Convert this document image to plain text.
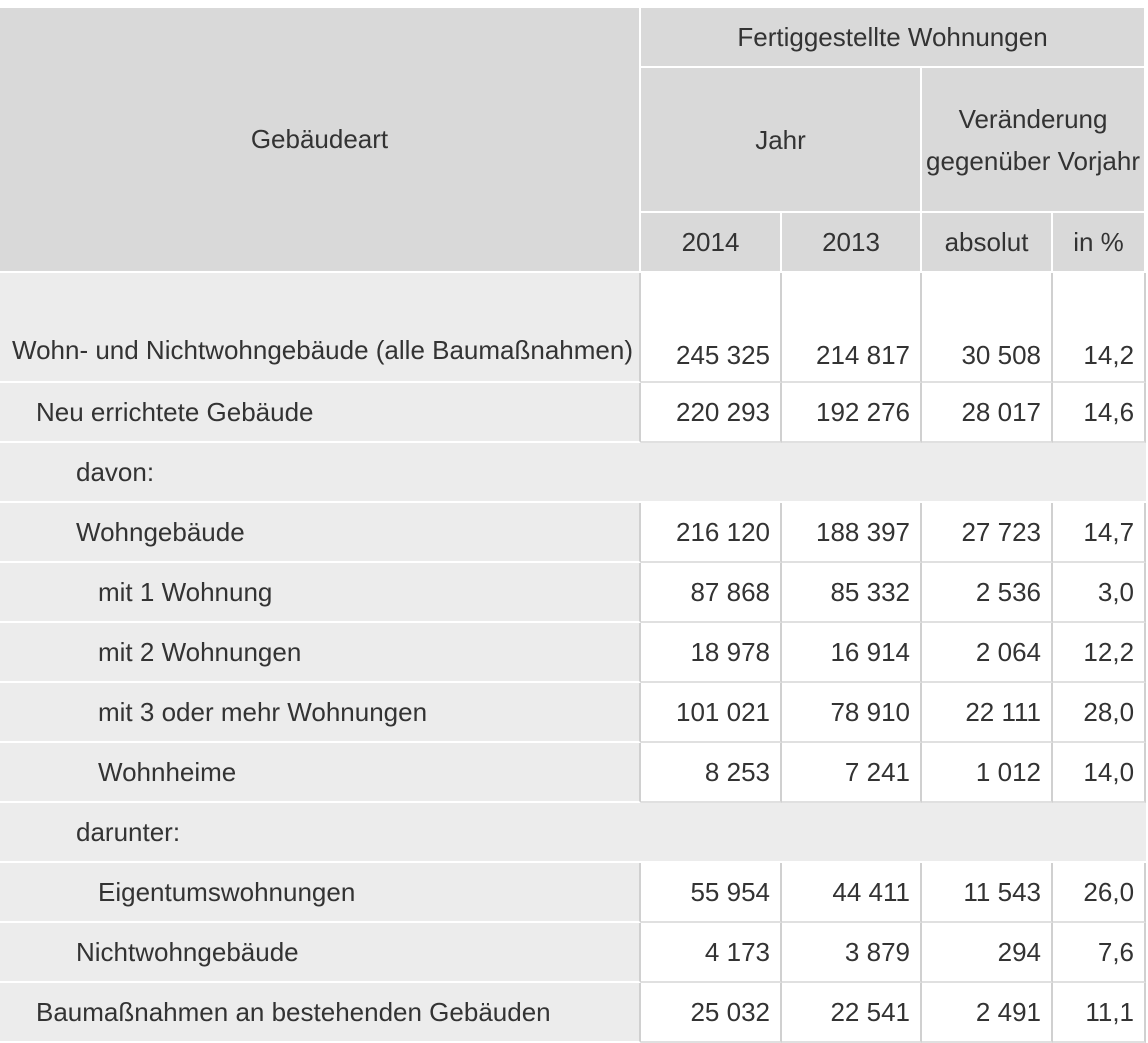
Gebäudeart	Fertiggestellte Wohnungen			
	Jahr		Veränderung gegenüber Vorjahr	
	2014	2013	absolut	in %
Wohn- und Nichtwohngebäude (alle Baumaßnahmen)	245 325	214 817	30 508	14,2
Neu errichtete Gebäude	220 293	192 276	28 017	14,6
davon:				
Wohngebäude	216 120	188 397	27 723	14,7
mit 1 Wohnung	87 868	85 332	2 536	3,0
mit 2 Wohnungen	18 978	16 914	2 064	12,2
mit 3 oder mehr Wohnungen	101 021	78 910	22 111	28,0
Wohnheime	8 253	7 241	1 012	14,0
darunter:				
Eigentumswohnungen	55 954	44 411	11 543	26,0
Nichtwohngebäude	4 173	3 879	294	7,6
Baumaßnahmen an bestehenden Gebäuden	25 032	22 541	2 491	11,1
